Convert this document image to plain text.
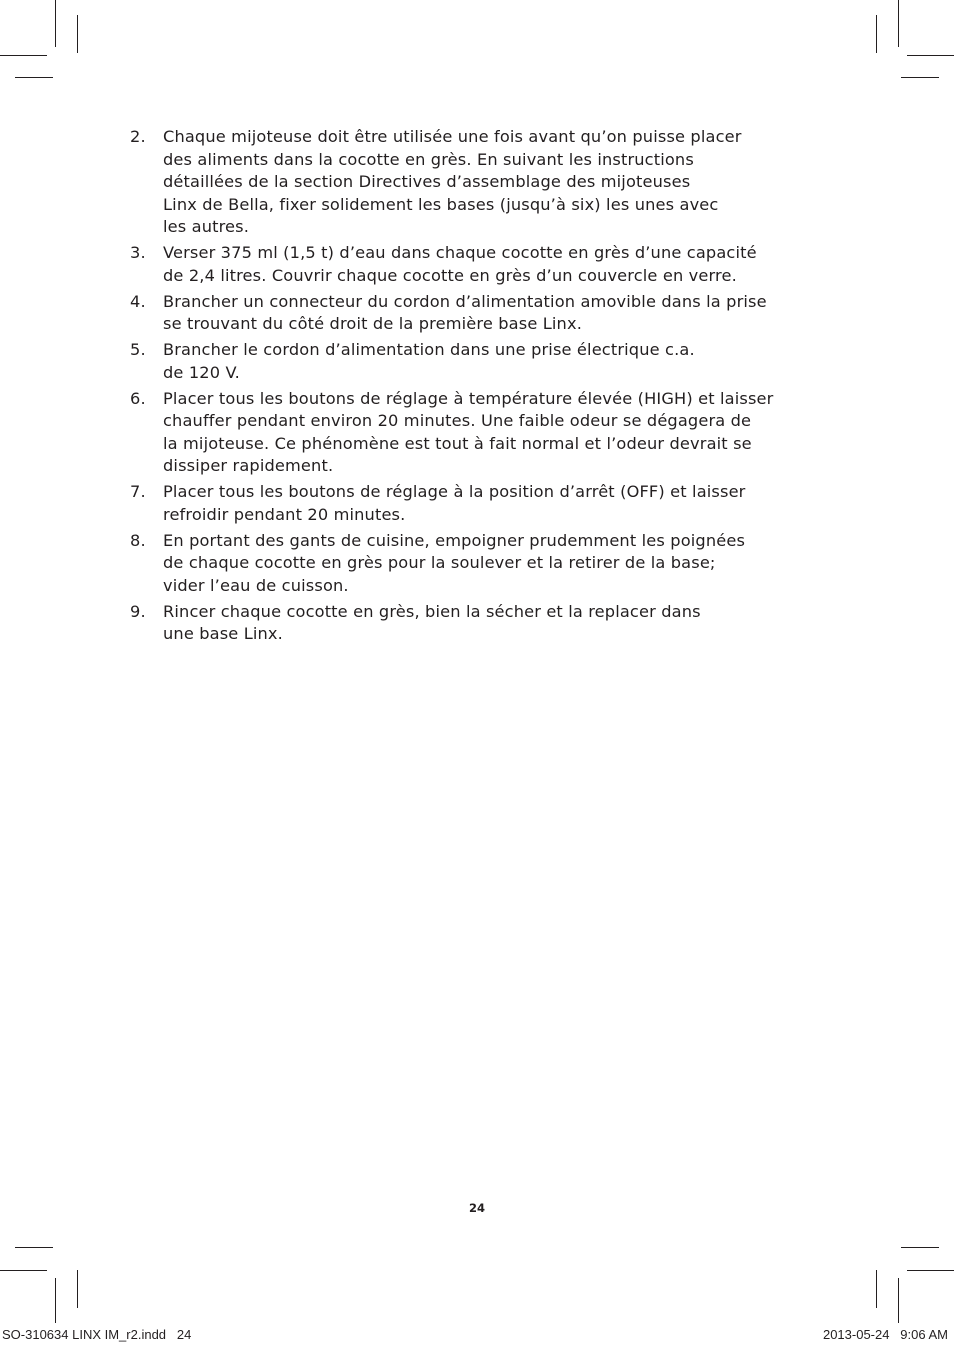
2. Chaque mijoteuse doit être utilisée une fois avant qu’on puisse placer
des aliments dans la cocotte en grès. En suivant les instructions
détaillées de la section Directives d’assemblage des mijoteuses
Linx de Bella, fixer solidement les bases (jusqu’à six) les unes avec
les autres.
3. Verser 375 ml (1,5 t) d’eau dans chaque cocotte en grès d’une capacité
de 2,4 litres. Couvrir chaque cocotte en grès d’un couvercle en verre.
4. Brancher un connecteur du cordon d’alimentation amovible dans la prise
se trouvant du côté droit de la première base Linx.
5. Brancher le cordon d’alimentation dans une prise électrique c.a.
de 120 V.
6. Placer tous les boutons de réglage à température élevée (HIGH) et laisser
chauffer pendant environ 20 minutes. Une faible odeur se dégagera de
la mijoteuse. Ce phénomène est tout à fait normal et l’odeur devrait se
dissiper rapidement.
7. Placer tous les boutons de réglage à la position d’arrêt (OFF) et laisser
refroidir pendant 20 minutes.
8. En portant des gants de cuisine, empoigner prudemment les poignées
de chaque cocotte en grès pour la soulever et la retirer de la base;
vider l’eau de cuisson.
9. Rincer chaque cocotte en grès, bien la sécher et la replacer dans
une base Linx.
24
SO-310634 LINX IM_r2.indd   24	2013-05-24   9:06 AM
